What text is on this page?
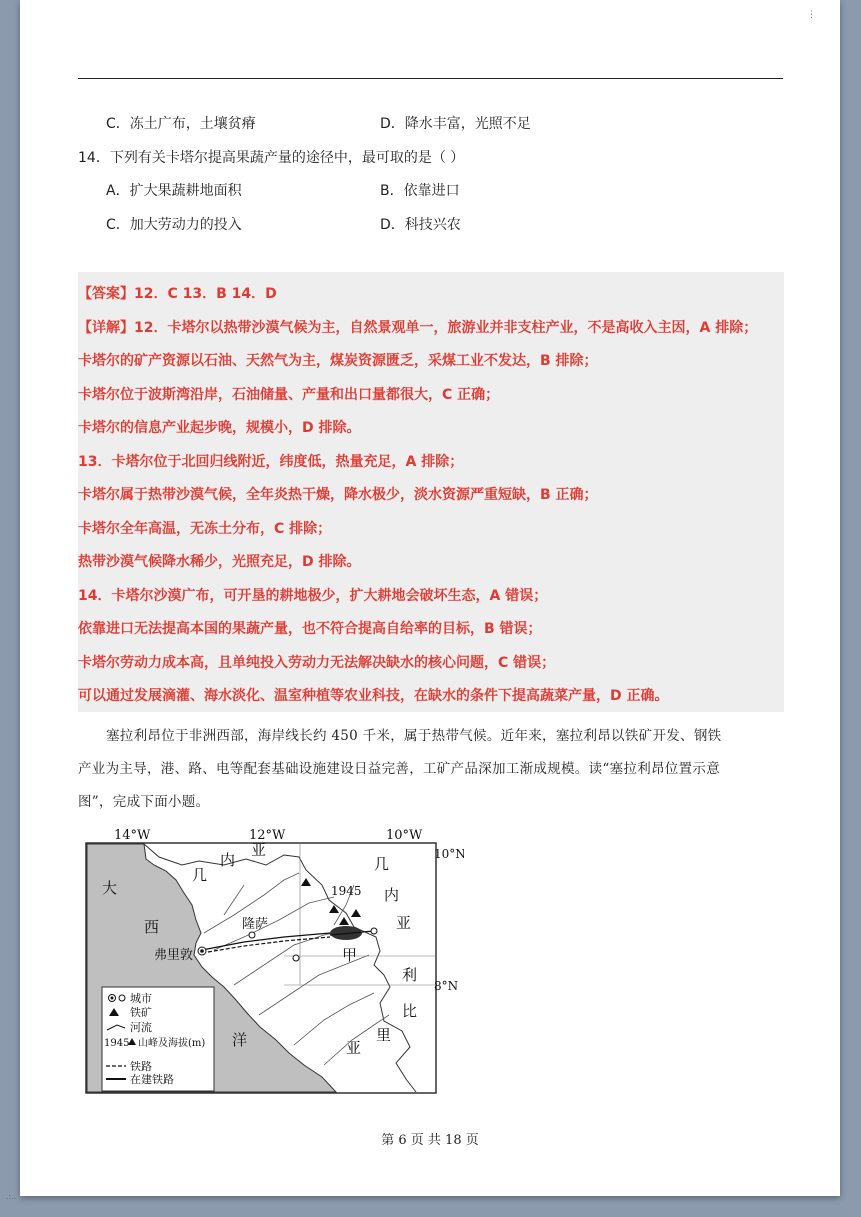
⋮
C．冻土广布，土壤贫瘠	D．降水丰富，光照不足
14．下列有关卡塔尔提高果蔬产量的途径中，最可取的是（ ）
A．扩大果蔬耕地面积	B．依靠进口
C．加大劳动力的投入	D．科技兴农
【答案】12．C 13．B 14．D
【详解】12．卡塔尔以热带沙漠气候为主，自然景观单一，旅游业并非支柱产业，不是高收入主因，A 排除；
卡塔尔的矿产资源以石油、天然气为主，煤炭资源匮乏，采煤工业不发达，B 排除；
卡塔尔位于波斯湾沿岸，石油储量、产量和出口量都很大，C 正确；
卡塔尔的信息产业起步晚，规模小，D 排除。
13．卡塔尔位于北回归线附近，纬度低，热量充足，A 排除；
卡塔尔属于热带沙漠气候，全年炎热干燥，降水极少，淡水资源严重短缺，B 正确；
卡塔尔全年高温，无冻土分布，C 排除；
热带沙漠气候降水稀少，光照充足，D 排除。
14．卡塔尔沙漠广布，可开垦的耕地极少，扩大耕地会破坏生态，A 错误；
依靠进口无法提高本国的果蔬产量，也不符合提高自给率的目标，B 错误；
卡塔尔劳动力成本高，且单纯投入劳动力无法解决缺水的核心问题，C 错误；
可以通过发展滴灌、海水淡化、温室种植等农业科技，在缺水的条件下提高蔬菜产量，D 正确。
塞拉利昂位于非洲西部，海岸线长约 450 千米，属于热带气候。近年来，塞拉利昂以铁矿开发、钢铁
产业为主导，港、路、电等配套基础设施建设日益完善，工矿产品深加工渐成规模。读“塞拉利昂位置示意
图”，完成下面小题。
14°W	12°W	10°W
10°N
8°N
大
西
洋
几
内
亚
几
内
亚
利
比
里
亚
甲
隆萨
弗里敦
1945
城市
铁矿
河流
1945 山峰及海拔(m)
铁路
在建铁路
第 6 页 共 18 页
.:..
